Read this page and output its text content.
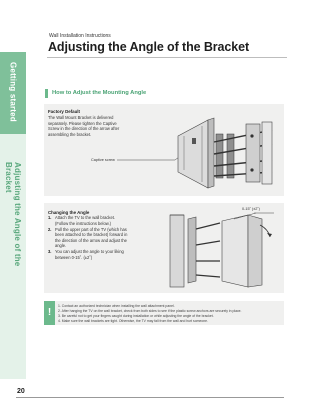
Getting started
Adjusting the Angle of the Bracket
Wall Installation Instructions
Adjusting the Angle of the Bracket
How to Adjust the Mounting Angle
Factory Default
The Wall Mount Bracket is delivered
separately. Please tighten the Captive
Screw in the direction of the arrow after
assembling the bracket.
Captive screw
Changing the Angle
1. Attach the TV to the wall bracket.
(Follow the instructions below.)
2. Pull the upper part of the TV (which has
been attached to the bracket) forward in
the direction of the arrow and adjust the
angle.
3. You can adjust the angle to your liking
between 0-15˚. (±2˚)
0-15˚ (±2˚)
!
1. Contact an authorized technician when installing the wall attachment panel.
2. After hanging the TV on the wall bracket, check from both sides to see if the plastic screw anchors are securely in place.
3. Be careful not to get your fingers caught during installation or while adjusting the angle of the bracket.
4. Make sure the wall brackets are tight. Otherwise, the TV may fall from the wall and hurt someone.
20
